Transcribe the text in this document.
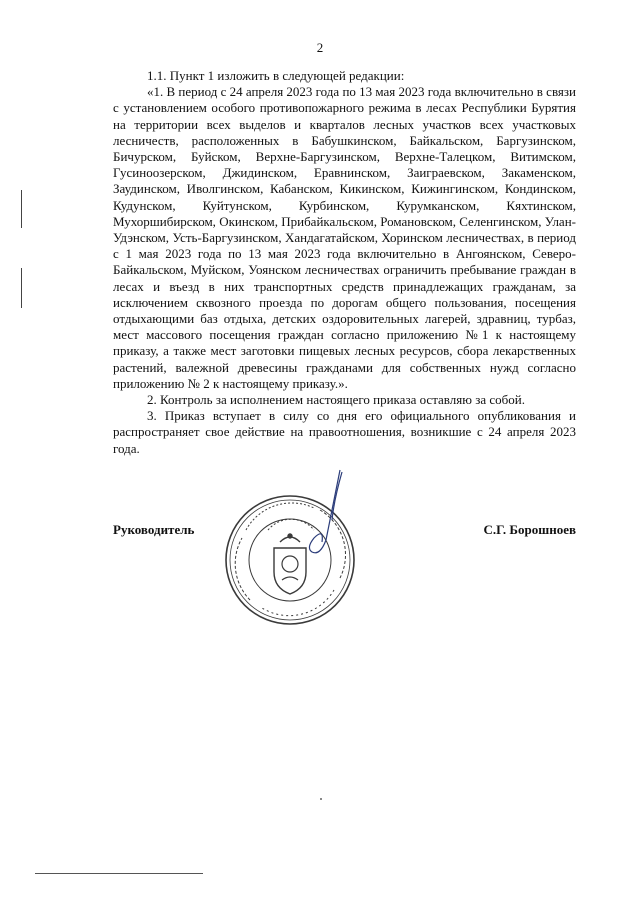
2

1.1. Пункт 1 изложить в следующей редакции:

«1. В период с 24 апреля 2023 года по 13 мая 2023 года включительно в связи с установлением особого противопожарного режима в лесах Республики Бурятия на территории всех выделов и кварталов лесных участков всех участковых лесничеств, расположенных в Бабушкинском, Байкальском, Баргузинском, Бичурском, Буйском, Верхне-Баргузинском, Верхне-Талецком, Витимском, Гусиноозерском, Джидинском, Еравнинском, Заиграевском, Закаменском, Заудинском, Иволгинском, Кабанском, Кикинском, Кижингинском, Кондинском, Кудунском, Куйтунском, Курбинском, Курумканском, Кяхтинском, Мухоршибирском, Окинском, Прибайкальском, Романовском, Селенгинском, Улан-Удэнском, Усть-Баргузинском, Хандагатайском, Хоринском лесничествах, в период с 1 мая 2023 года по 13 мая 2023 года включительно в Ангоянском, Северо-Байкальском, Муйском, Уоянском лесничествах ограничить пребывание граждан в лесах и въезд в них транспортных средств принадлежащих гражданам, за исключением сквозного проезда по дорогам общего пользования, посещения отдыхающими баз отдыха, детских оздоровительных лагерей, здравниц, турбаз, мест массового посещения граждан согласно приложению №1 к настоящему приказу, а также мест заготовки пищевых лесных ресурсов, сбора лекарственных растений, валежной древесины гражданами для собственных нужд согласно приложению № 2 к настоящему приказу.».

2. Контроль за исполнением настоящего приказа оставляю за собой.

3. Приказ вступает в силу со дня его официального опубликования и распространяет свое действие на правоотношения, возникшие с 24 апреля 2023 года.

Руководитель	С.Г. Борошноев
